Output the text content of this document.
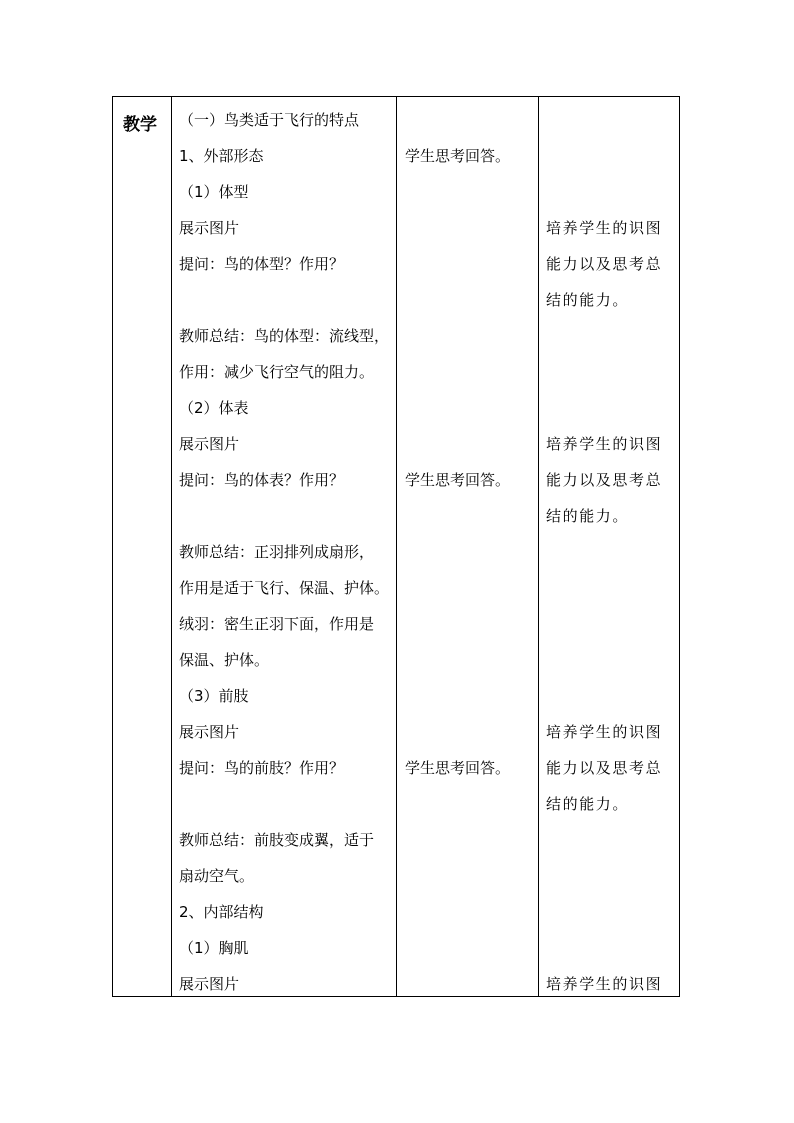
教学 （一）鸟类适于飞行的特点
1、外部形态
（1）体型
展示图片
提问：鸟的体型？作用？
教师总结：鸟的体型：流线型，
作用：减少飞行空气的阻力。
（2）体表
展示图片
提问：鸟的体表？作用？
教师总结：正羽排列成扇形，
作用是适于飞行、保温、护体。
绒羽：密生正羽下面，作用是
保温、护体。
（3）前肢
展示图片
提问：鸟的前肢？作用？
教师总结：前肢变成翼，适于
扇动空气。
2、内部结构
（1）胸肌
展示图片
学生思考回答。
学生思考回答。
学生思考回答。
培养学生的识图
能力以及思考总
结的能力。
培养学生的识图
能力以及思考总
结的能力。
培养学生的识图
能力以及思考总
结的能力。
培养学生的识图
